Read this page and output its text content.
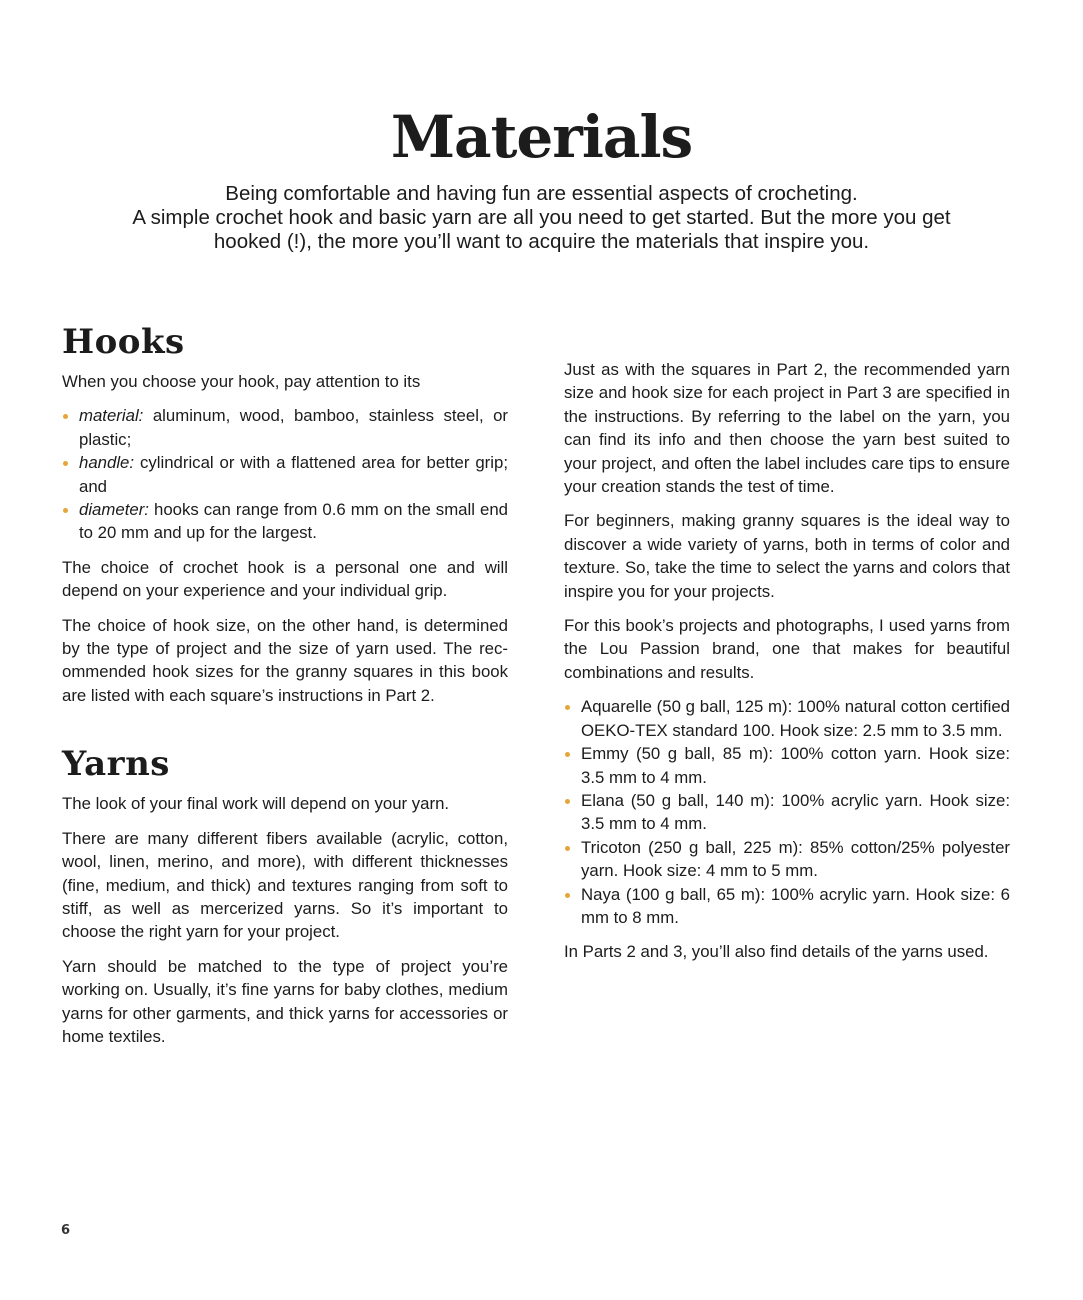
Materials
Being comfortable and having fun are essential aspects of crocheting.
A simple crochet hook and basic yarn are all you need to get started. But the more you get
hooked (!), the more you’ll want to acquire the materials that inspire you.
Hooks

When you choose your hook, pay attention to its

material: aluminum, wood, bamboo, stainless steel, or plastic;
handle: cylindrical or with a flattened area for better grip; and
diameter: hooks can range from 0.6 mm on the small end to 20 mm and up for the largest.

The choice of crochet hook is a personal one and will depend on your experience and your individual grip.

The choice of hook size, on the other hand, is determined by the type of project and the size of yarn used. The recommended hook sizes for the granny squares in this book are listed with each square’s instructions in Part 2.

Yarns

The look of your final work will depend on your yarn.

There are many different fibers available (acrylic, cotton, wool, linen, merino, and more), with different thicknesses (fine, medium, and thick) and textures ranging from soft to stiff, as well as mercerized yarns. So it’s important to choose the right yarn for your project.

Yarn should be matched to the type of project you’re working on. Usually, it’s fine yarns for baby clothes, medium yarns for other garments, and thick yarns for accessories or home textiles.

Just as with the squares in Part 2, the recommended yarn size and hook size for each project in Part 3 are specified in the instructions. By referring to the label on the yarn, you can find its info and then choose the yarn best suited to your project, and often the label includes care tips to ensure your creation stands the test of time.

For beginners, making granny squares is the ideal way to discover a wide variety of yarns, both in terms of color and texture. So, take the time to select the yarns and colors that inspire you for your projects.

For this book’s projects and photographs, I used yarns from the Lou Passion brand, one that makes for beautiful combinations and results.

Aquarelle (50 g ball, 125 m): 100% natural cotton certified OEKO-TEX standard 100. Hook size: 2.5 mm to 3.5 mm.
Emmy (50 g ball, 85 m): 100% cotton yarn. Hook size: 3.5 mm to 4 mm.
Elana (50 g ball, 140 m): 100% acrylic yarn. Hook size: 3.5 mm to 4 mm.
Tricoton (250 g ball, 225 m): 85% cotton/25% polyester yarn. Hook size: 4 mm to 5 mm.
Naya (100 g ball, 65 m): 100% acrylic yarn. Hook size: 6 mm to 8 mm.

In Parts 2 and 3, you’ll also find details of the yarns used.

6
